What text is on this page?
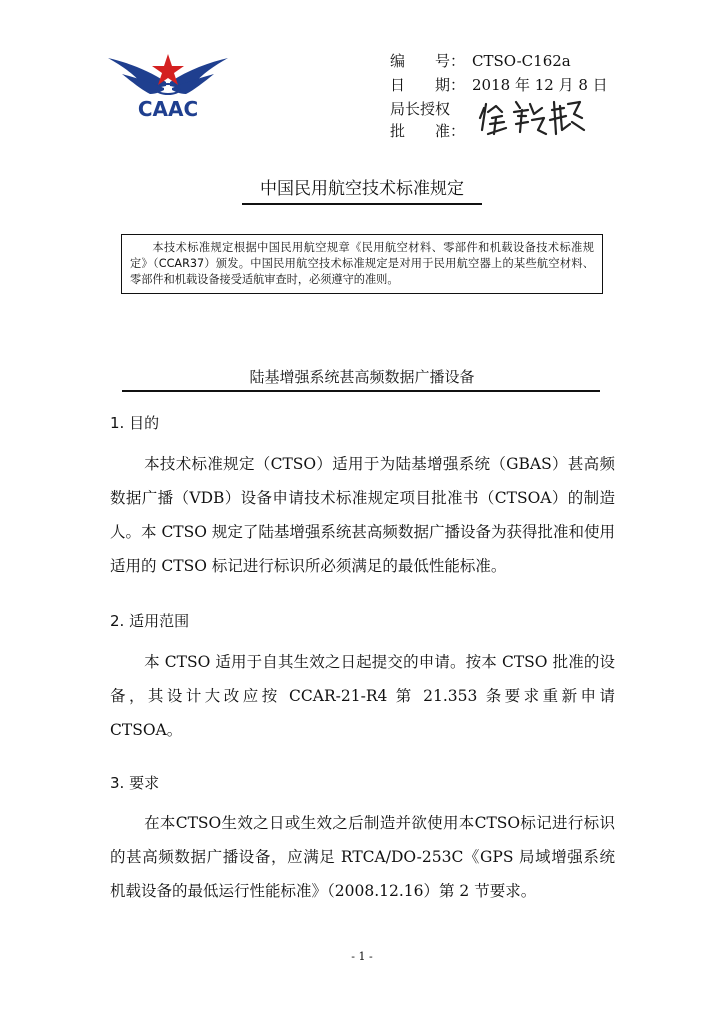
CAAC
编　　号： CTSO-C162a
日　　期： 2018 年 12 月 8 日
局长授权
批　　准：
中国民用航空技术标准规定

本技术标准规定根据中国民用航空规章《民用航空材料、零部件和机载设备技术标准规定》（CCAR37）颁发。中国民用航空技术标准规定是对用于民用航空器上的某些航空材料、零部件和机载设备接受适航审查时，必须遵守的准则。

陆基增强系统甚高频数据广播设备
1. 目的
本技术标准规定（CTSO）适用于为陆基增强系统（GBAS）甚高频数据广播（VDB）设备申请技术标准规定项目批准书（CTSOA）的制造人。本 CTSO 规定了陆基增强系统甚高频数据广播设备为获得批准和使用适用的 CTSO 标记进行标识所必须满足的最低性能标准。
2. 适用范围
本 CTSO 适用于自其生效之日起提交的申请。按本 CTSO 批准的设备，其设计大改应按 CCAR-21-R4 第 21.353 条要求重新申请 CTSOA。
3. 要求
在本CTSO生效之日或生效之后制造并欲使用本CTSO标记进行标识的甚高频数据广播设备，应满足 RTCA/DO-253C《GPS 局域增强系统机载设备的最低运行性能标准》（2008.12.16）第 2 节要求。
- 1 -
